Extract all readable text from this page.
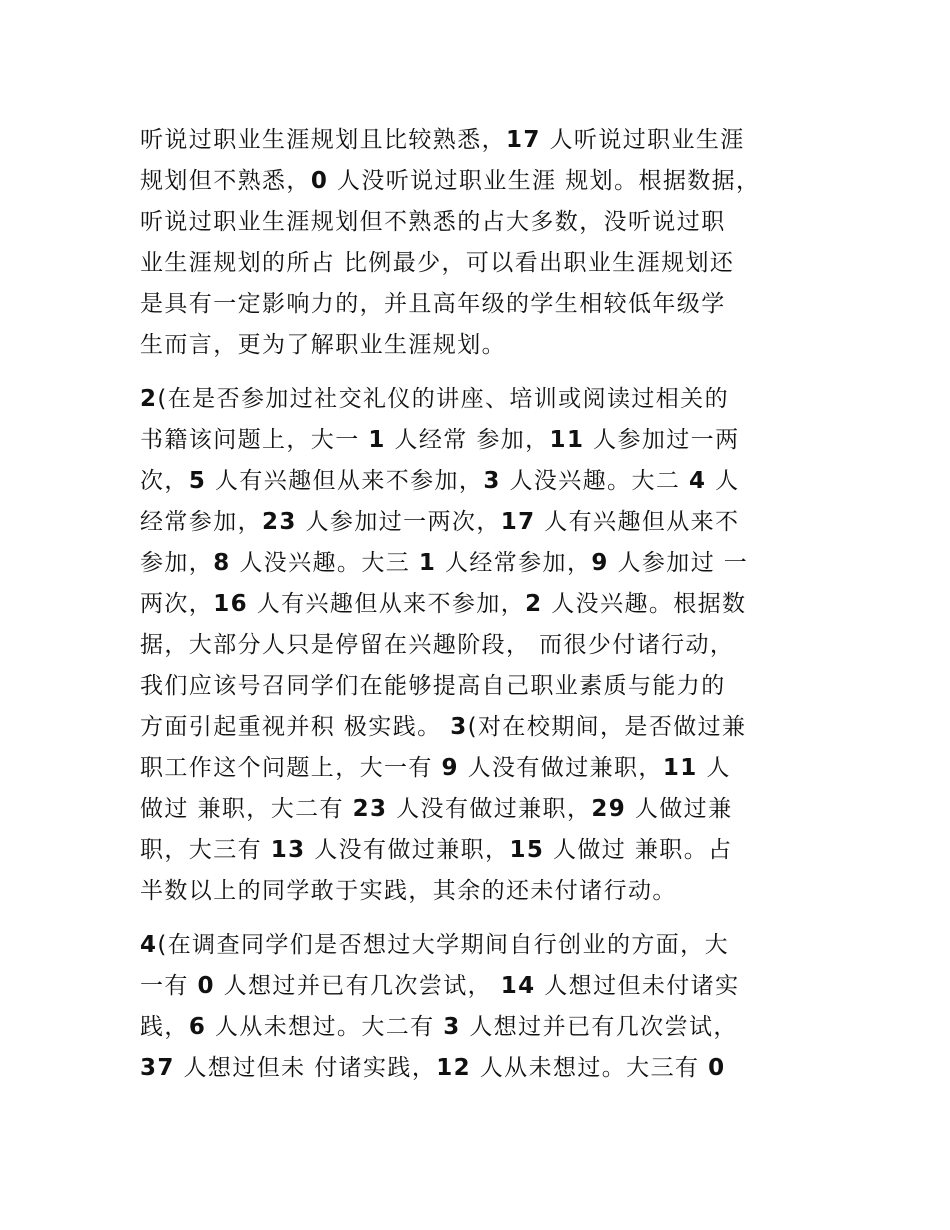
听说过职业生涯规划且比较熟悉，17 人听说过职业生涯
规划但不熟悉，0 人没听说过职业生涯 规划。根据数据，
听说过职业生涯规划但不熟悉的占大多数，没听说过职
业生涯规划的所占 比例最少，可以看出职业生涯规划还
是具有一定影响力的，并且高年级的学生相较低年级学
生而言，更为了解职业生涯规划。

2(在是否参加过社交礼仪的讲座、培训或阅读过相关的
书籍该问题上，大一 1 人经常 参加，11 人参加过一两
次，5 人有兴趣但从来不参加，3 人没兴趣。大二 4 人
经常参加，23 人参加过一两次，17 人有兴趣但从来不
参加，8 人没兴趣。大三 1 人经常参加，9 人参加过 一
两次，16 人有兴趣但从来不参加，2 人没兴趣。根据数
据，大部分人只是停留在兴趣阶段， 而很少付诸行动，
我们应该号召同学们在能够提高自己职业素质与能力的
方面引起重视并积 极实践。 3(对在校期间，是否做过兼
职工作这个问题上，大一有 9 人没有做过兼职，11 人
做过 兼职，大二有 23 人没有做过兼职，29 人做过兼
职，大三有 13 人没有做过兼职，15 人做过 兼职。占
半数以上的同学敢于实践，其余的还未付诸行动。

4(在调查同学们是否想过大学期间自行创业的方面，大
一有 0 人想过并已有几次尝试， 14 人想过但未付诸实
践，6 人从未想过。大二有 3 人想过并已有几次尝试，
37 人想过但未 付诸实践，12 人从未想过。大三有 0
